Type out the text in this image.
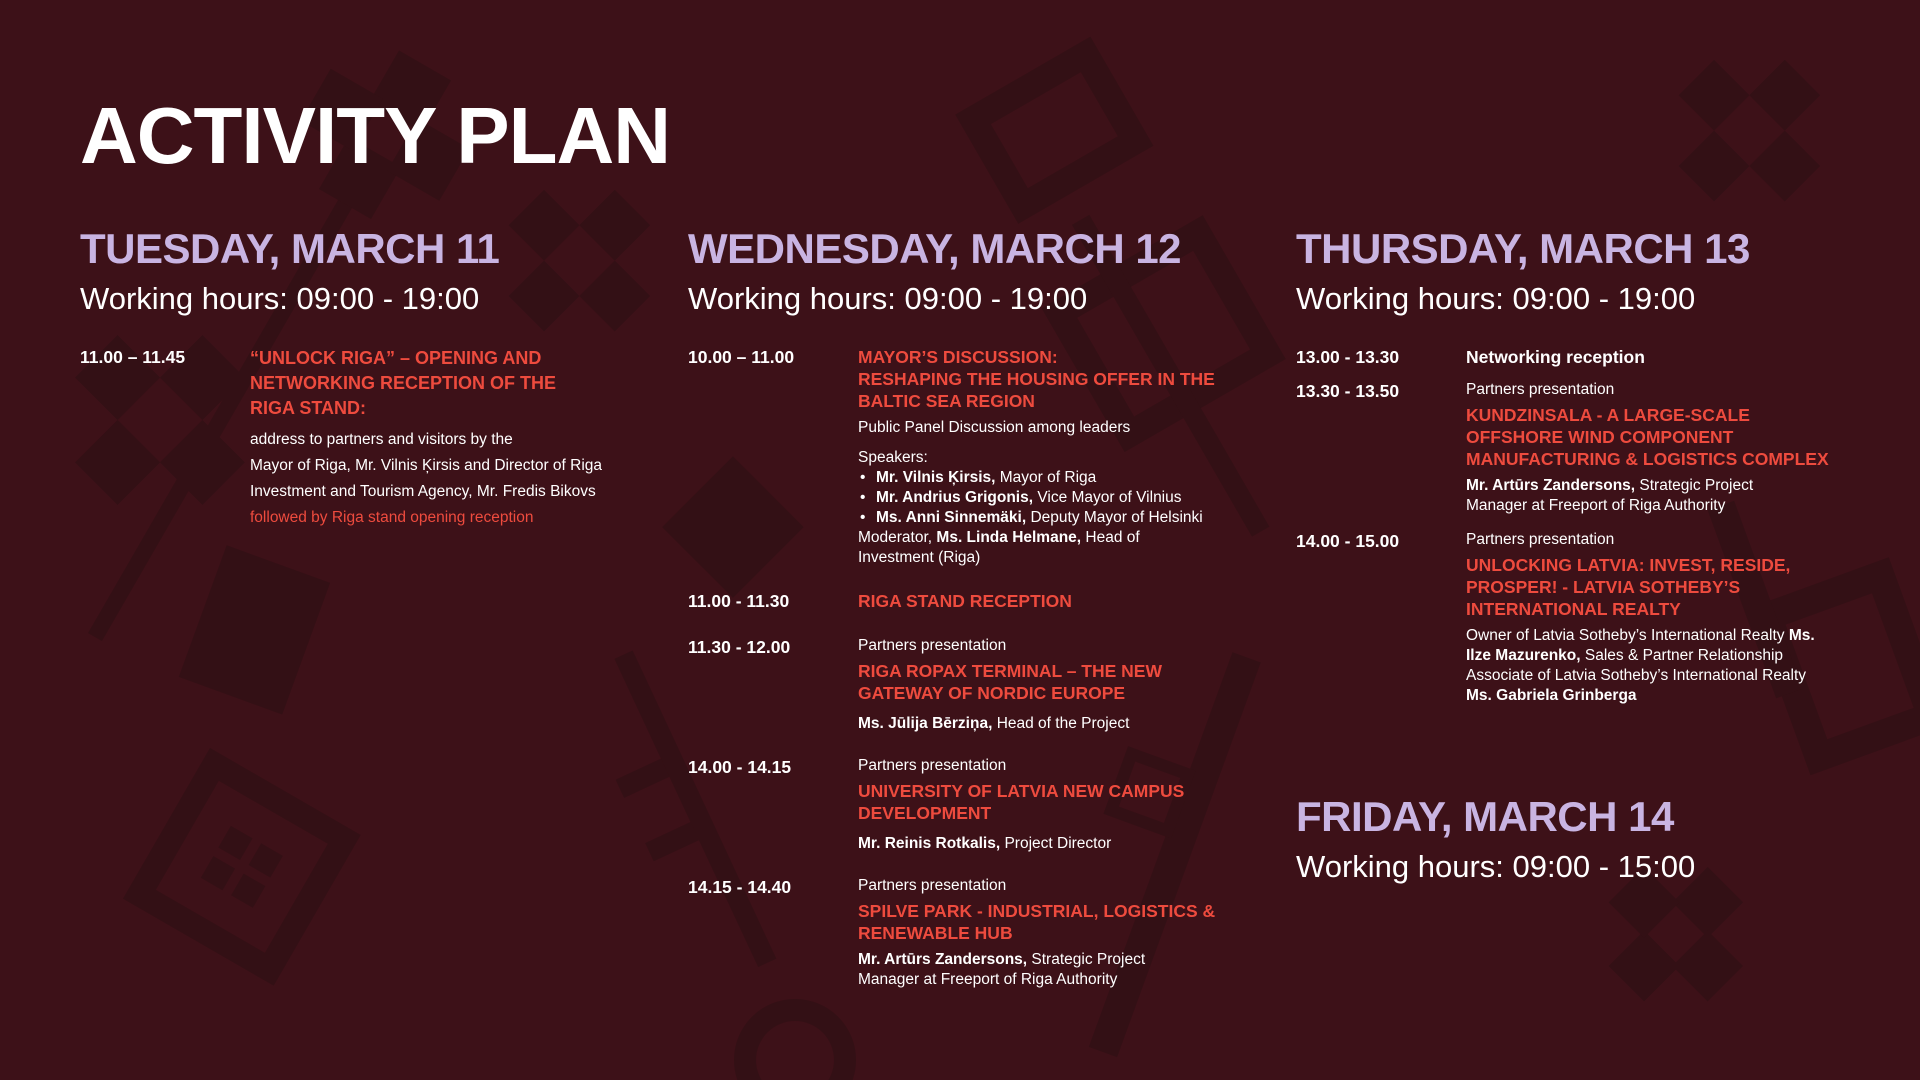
ACTIVITY PLAN
TUESDAY, MARCH 11
Working hours: 09:00 - 19:00
11.00 – 11.45	“UNLOCK RIGA” – OPENING AND NETWORKING RECEPTION OF THE RIGA STAND:
address to partners and visitors by the
Mayor of Riga, Mr. Vilnis Ķirsis and Director of Riga
Investment and Tourism Agency, Mr. Fredis Bikovs
followed by Riga stand opening reception
WEDNESDAY, MARCH 12
Working hours: 09:00 - 19:00
10.00 – 11.00	MAYOR’S DISCUSSION:
RESHAPING THE HOUSING OFFER IN THE BALTIC SEA REGION
Public Panel Discussion among leaders
Speakers:
• Mr. Vilnis Ķirsis, Mayor of Riga
• Mr. Andrius Grigonis, Vice Mayor of Vilnius
• Ms. Anni Sinnemäki, Deputy Mayor of Helsinki
Moderator, Ms. Linda Helmane, Head of Investment (Riga)
11.00 - 11.30	RIGA STAND RECEPTION
11.30 - 12.00	Partners presentation
RIGA ROPAX TERMINAL – THE NEW GATEWAY OF NORDIC EUROPE
Ms. Jūlija Bērziņa, Head of the Project
14.00 - 14.15	Partners presentation
UNIVERSITY OF LATVIA NEW CAMPUS DEVELOPMENT
Mr. Reinis Rotkalis, Project Director
14.15 - 14.40	Partners presentation
SPILVE PARK - INDUSTRIAL, LOGISTICS & RENEWABLE HUB
Mr. Artūrs Zandersons, Strategic Project Manager at Freeport of Riga Authority
THURSDAY, MARCH 13
Working hours: 09:00 - 19:00
13.00 - 13.30	Networking reception
13.30 - 13.50	Partners presentation
KUNDZINSALA - A LARGE-SCALE OFFSHORE WIND COMPONENT MANUFACTURING & LOGISTICS COMPLEX
Mr. Artūrs Zandersons, Strategic Project Manager at Freeport of Riga Authority
14.00 - 15.00	Partners presentation
UNLOCKING LATVIA: INVEST, RESIDE, PROSPER! - LATVIA SOTHEBY’S INTERNATIONAL REALTY
Owner of Latvia Sotheby’s International Realty Ms. Ilze Mazurenko, Sales & Partner Relationship Associate of Latvia Sotheby’s International Realty Ms. Gabriela Grinberga
FRIDAY, MARCH 14
Working hours: 09:00 - 15:00
